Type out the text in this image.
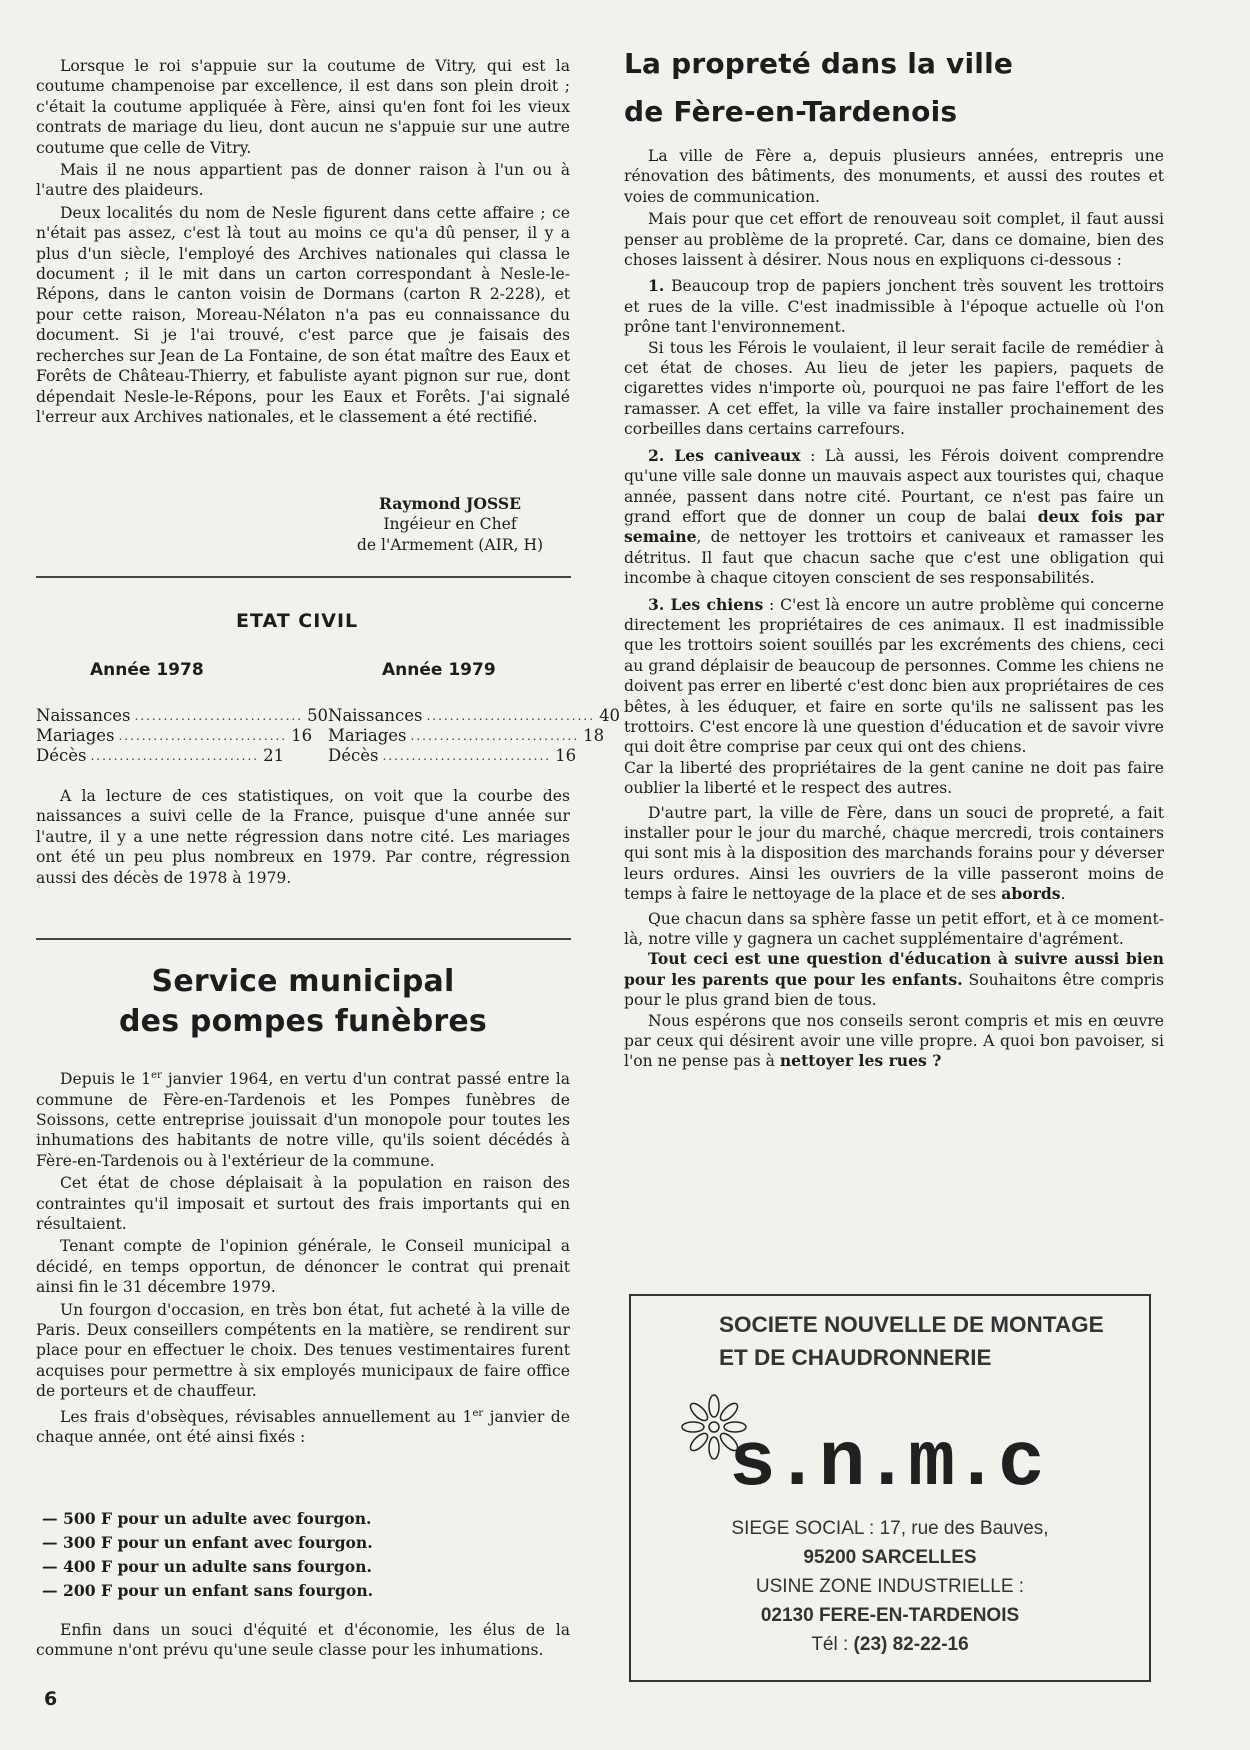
Lorsque le roi s'appuie sur la coutume de Vitry, qui est la coutume champenoise par excellence, il est dans son plein droit ; c'était la coutume appliquée à Fère, ainsi qu'en font foi les vieux contrats de mariage du lieu, dont aucun ne s'appuie sur une autre coutume que celle de Vitry.

Mais il ne nous appartient pas de donner raison à l'un ou à l'autre des plaideurs.

Deux localités du nom de Nesle figurent dans cette affaire ; ce n'était pas assez, c'est là tout au moins ce qu'a dû penser, il y a plus d'un siècle, l'employé des Archives nationales qui classa le document ; il le mit dans un carton correspondant à Nesle-le-Répons, dans le canton voisin de Dormans (carton R 2-228), et pour cette raison, Moreau-Nélaton n'a pas eu connaissance du document. Si je l'ai trouvé, c'est parce que je faisais des recherches sur Jean de La Fontaine, de son état maître des Eaux et Forêts de Château-Thierry, et fabuliste ayant pignon sur rue, dont dépendait Nesle-le-Répons, pour les Eaux et Forêts. J'ai signalé l'erreur aux Archives nationales, et le classement a été rectifié.

Raymond JOSSE
Ingéieur en Chef
de l'Armement (AIR, H)
ETAT CIVIL
Année 1978	Année 1979
Naissances ............................. 50
Mariages ............................. 16
Décès ............................. 21
Naissances ............................. 40
Mariages ............................. 18
Décès ............................. 16

A la lecture de ces statistiques, on voit que la courbe des naissances a suivi celle de la France, puisque d'une année sur l'autre, il y a une nette régression dans notre cité. Les mariages ont été un peu plus nombreux en 1979. Par contre, régression aussi des décès de 1978 à 1979.

Service municipal
des pompes funèbres

Depuis le 1er janvier 1964, en vertu d'un contrat passé entre la commune de Fère-en-Tardenois et les Pompes funèbres de Soissons, cette entreprise jouissait d'un monopole pour toutes les inhumations des habitants de notre ville, qu'ils soient décédés à Fère-en-Tardenois ou à l'extérieur de la commune.

Cet état de chose déplaisait à la population en raison des contraintes qu'il imposait et surtout des frais importants qui en résultaient.

Tenant compte de l'opinion générale, le Conseil municipal a décidé, en temps opportun, de dénoncer le contrat qui prenait ainsi fin le 31 décembre 1979.

Un fourgon d'occasion, en très bon état, fut acheté à la ville de Paris. Deux conseillers compétents en la matière, se rendirent sur place pour en effectuer le choix. Des tenues vestimentaires furent acquises pour permettre à six employés municipaux de faire office de porteurs et de chauffeur.

Les frais d'obsèques, révisables annuellement au 1er janvier de chaque année, ont été ainsi fixés :

— 500 F pour un adulte avec fourgon.
— 300 F pour un enfant avec fourgon.
— 400 F pour un adulte sans fourgon.
— 200 F pour un enfant sans fourgon.

Enfin dans un souci d'équité et d'économie, les élus de la commune n'ont prévu qu'une seule classe pour les inhumations.

6
La propreté dans la ville
de Fère-en-Tardenois

La ville de Fère a, depuis plusieurs années, entrepris une rénovation des bâtiments, des monuments, et aussi des routes et voies de communication.

Mais pour que cet effort de renouveau soit complet, il faut aussi penser au problème de la propreté. Car, dans ce domaine, bien des choses laissent à désirer. Nous nous en expliquons ci-dessous :

1. Beaucoup trop de papiers jonchent très souvent les trottoirs et rues de la ville. C'est inadmissible à l'époque actuelle où l'on prône tant l'environnement.

Si tous les Férois le voulaient, il leur serait facile de remédier à cet état de choses. Au lieu de jeter les papiers, paquets de cigarettes vides n'importe où, pourquoi ne pas faire l'effort de les ramasser. A cet effet, la ville va faire installer prochainement des corbeilles dans certains carrefours.

2. Les caniveaux : Là aussi, les Férois doivent comprendre qu'une ville sale donne un mauvais aspect aux touristes qui, chaque année, passent dans notre cité. Pourtant, ce n'est pas faire un grand effort que de donner un coup de balai deux fois par semaine, de nettoyer les trottoirs et caniveaux et ramasser les détritus. Il faut que chacun sache que c'est une obligation qui incombe à chaque citoyen conscient de ses responsabilités.

3. Les chiens : C'est là encore un autre problème qui concerne directement les propriétaires de ces animaux. Il est inadmissible que les trottoirs soient souillés par les excréments des chiens, ceci au grand déplaisir de beaucoup de personnes. Comme les chiens ne doivent pas errer en liberté c'est donc bien aux propriétaires de ces bêtes, à les éduquer, et faire en sorte qu'ils ne salissent pas les trottoirs. C'est encore là une question d'éducation et de savoir vivre qui doit être comprise par ceux qui ont des chiens.

Car la liberté des propriétaires de la gent canine ne doit pas faire oublier la liberté et le respect des autres.

D'autre part, la ville de Fère, dans un souci de propreté, a fait installer pour le jour du marché, chaque mercredi, trois containers qui sont mis à la disposition des marchands forains pour y déverser leurs ordures. Ainsi les ouvriers de la ville passeront moins de temps à faire le nettoyage de la place et de ses abords.

Que chacun dans sa sphère fasse un petit effort, et à ce moment-là, notre ville y gagnera un cachet supplémentaire d'agrément.

Tout ceci est une question d'éducation à suivre aussi bien pour les parents que pour les enfants. Souhaitons être compris pour le plus grand bien de tous.

Nous espérons que nos conseils seront compris et mis en œuvre par ceux qui désirent avoir une ville propre. A quoi bon pavoiser, si l'on ne pense pas à nettoyer les rues ?

SOCIETE NOUVELLE DE MONTAGE
ET DE CHAUDRONNERIE
s.n.m.c
SIEGE SOCIAL : 17, rue des Bauves,
95200 SARCELLES
USINE ZONE INDUSTRIELLE :
02130 FERE-EN-TARDENOIS
Tél : (23) 82-22-16
